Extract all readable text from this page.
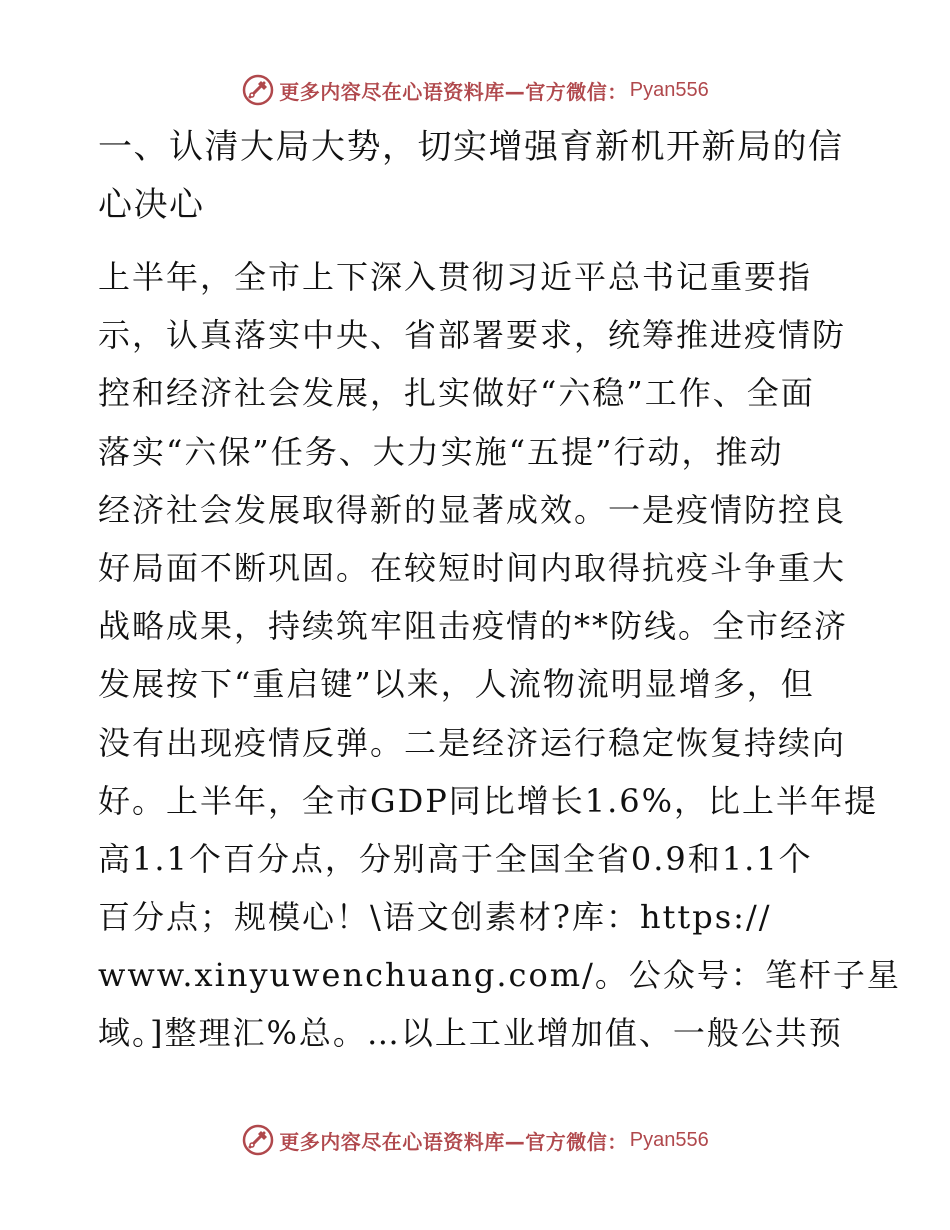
更多内容尽在心语资料库—官方微信： Pyan556
一、认清大局大势，切实增强育新机开新局的信
心决心
上半年，全市上下深入贯彻习近平总书记重要指
示，认真落实中央、省部署要求，统筹推进疫情防
控和经济社会发展，扎实做好“六稳”工作、全面
落实“六保”任务、大力实施“五提”行动，推动
经济社会发展取得新的显著成效。一是疫情防控良
好局面不断巩固。在较短时间内取得抗疫斗争重大
战略成果，持续筑牢阻击疫情的**防线。全市经济
发展按下“重启键”以来，人流物流明显增多，但
没有出现疫情反弹。二是经济运行稳定恢复持续向
好。上半年，全市GDP同比增长1.6%，比上半年提
高1.1个百分点，分别高于全国全省0.9和1.1个
百分点；规模心！\语文创素材?库：https://
www.xinyuwenchuang.com/。公众号：笔杆子星
域。]整理汇%总。…以上工业增加值、一般公共预
更多内容尽在心语资料库—官方微信： Pyan556
